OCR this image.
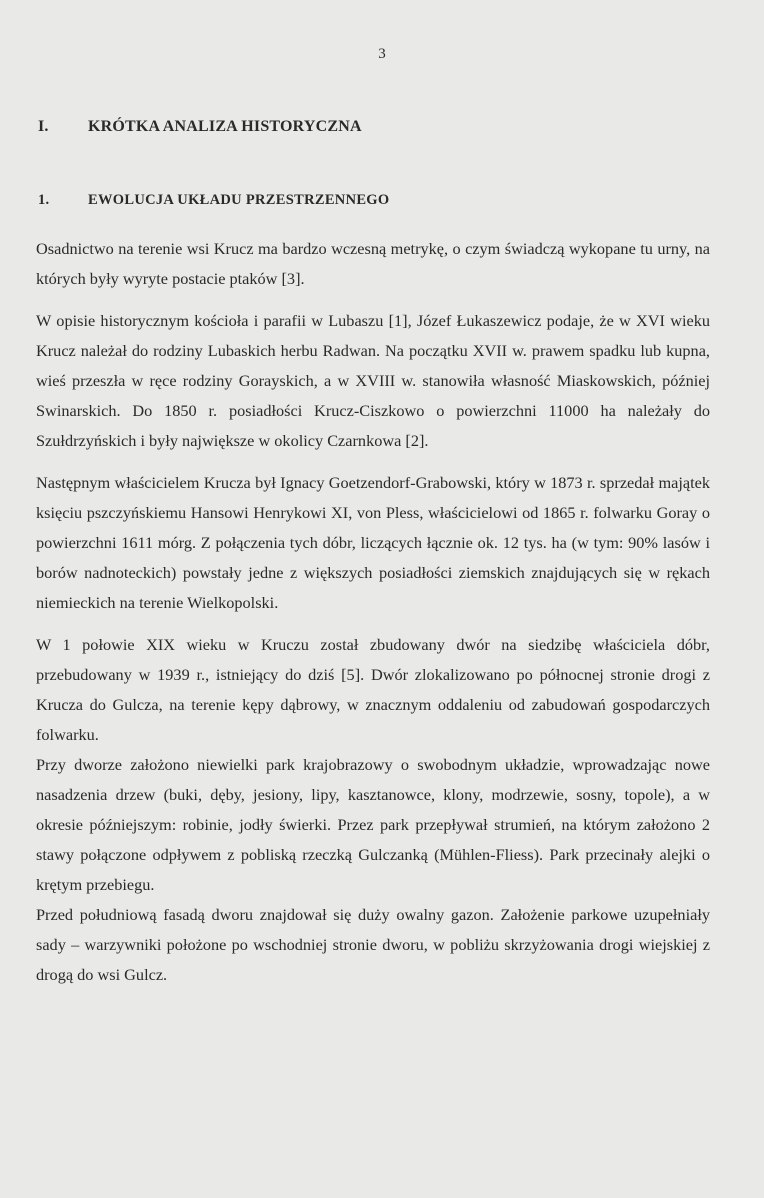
3
I. KRÓTKA ANALIZA HISTORYCZNA
1.	EWOLUCJA UKŁADU PRZESTRZENNEGO

Osadnictwo na terenie wsi Krucz ma bardzo wczesną metrykę, o czym świadczą wykopane tu urny, na których były wyryte postacie ptaków [3].

W opisie historycznym kościoła i parafii w Lubaszu [1], Józef Łukaszewicz podaje, że w XVI wieku Krucz należał do rodziny Lubaskich herbu Radwan. Na początku XVII w. prawem spadku lub kupna, wieś przeszła w ręce rodziny Gorayskich, a w XVIII w. stanowiła własność Miaskowskich, później Swinarskich. Do 1850 r. posiadłości Krucz-Ciszkowo o powierzchni 11000 ha należały do Szułdrzyńskich i były największe w okolicy Czarnkowa [2].

Następnym właścicielem Krucza był Ignacy Goetzendorf-Grabowski, który w 1873 r. sprzedał majątek księciu pszczyńskiemu Hansowi Henrykowi XI, von Pless, właścicielowi od 1865 r. folwarku Goray o powierzchni 1611 mórg. Z połączenia tych dóbr, liczących łącznie ok. 12 tys. ha (w tym: 90% lasów i borów nadnoteckich) powstały jedne z większych posiadłości ziemskich znajdujących się w rękach niemieckich na terenie Wielkopolski.

W 1 połowie XIX wieku w Kruczu został zbudowany dwór na siedzibę właściciela dóbr, przebudowany w 1939 r., istniejący do dziś [5]. Dwór zlokalizowano po północnej stronie drogi z Krucza do Gulcza, na terenie kępy dąbrowy, w znacznym oddaleniu od zabudowań gospodarczych folwarku.

Przy dworze założono niewielki park krajobrazowy o swobodnym układzie, wprowadzając nowe nasadzenia drzew (buki, dęby, jesiony, lipy, kasztanowce, klony, modrzewie, sosny, topole), a w okresie późniejszym: robinie, jodły świerki. Przez park przepływał strumień, na którym założono 2 stawy połączone odpływem z pobliską rzeczką Gulczanką (Mühlen-Fliess). Park przecinały alejki o krętym przebiegu.

Przed południową fasadą dworu znajdował się duży owalny gazon. Założenie parkowe uzupełniały sady – warzywniki położone po wschodniej stronie dworu, w pobliżu skrzyżowania drogi wiejskiej z drogą do wsi Gulcz.
